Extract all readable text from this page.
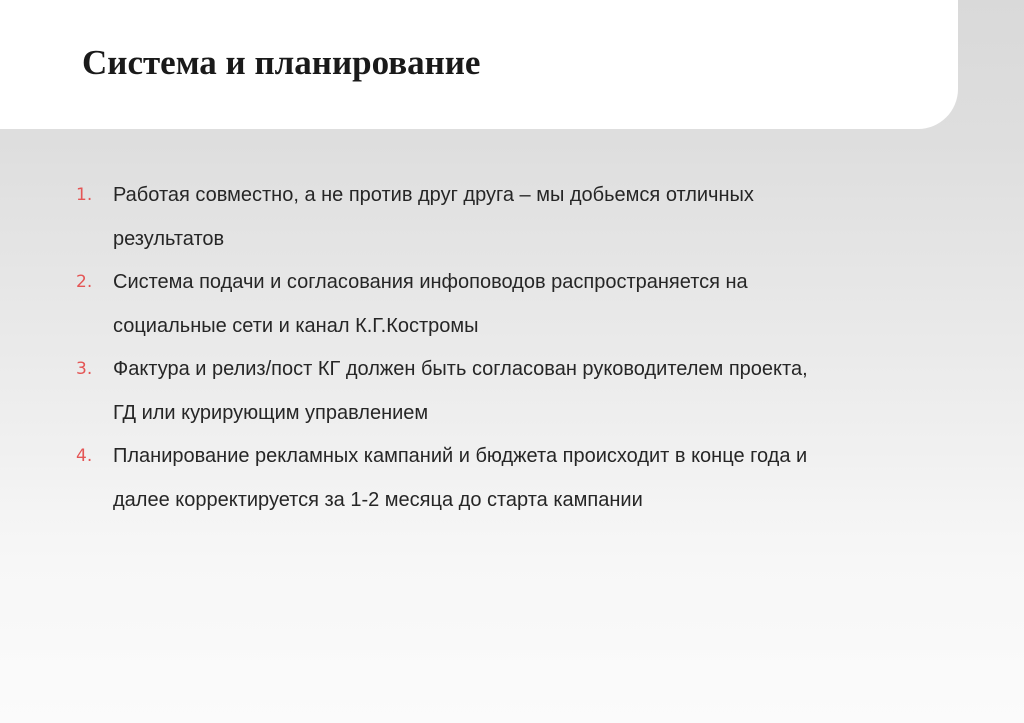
Система и планирование
1.	Работая совместно, а не против друг друга – мы добьемся отличных
результатов
2.	Система подачи и согласования инфоповодов распространяется на
социальные сети и канал К.Г.Костромы
3.	Фактура и релиз/пост КГ должен быть согласован руководителем проекта,
ГД или курирующим управлением
4.	Планирование рекламных кампаний и бюджета происходит в конце года и
далее корректируется за 1-2 месяца до старта кампании
